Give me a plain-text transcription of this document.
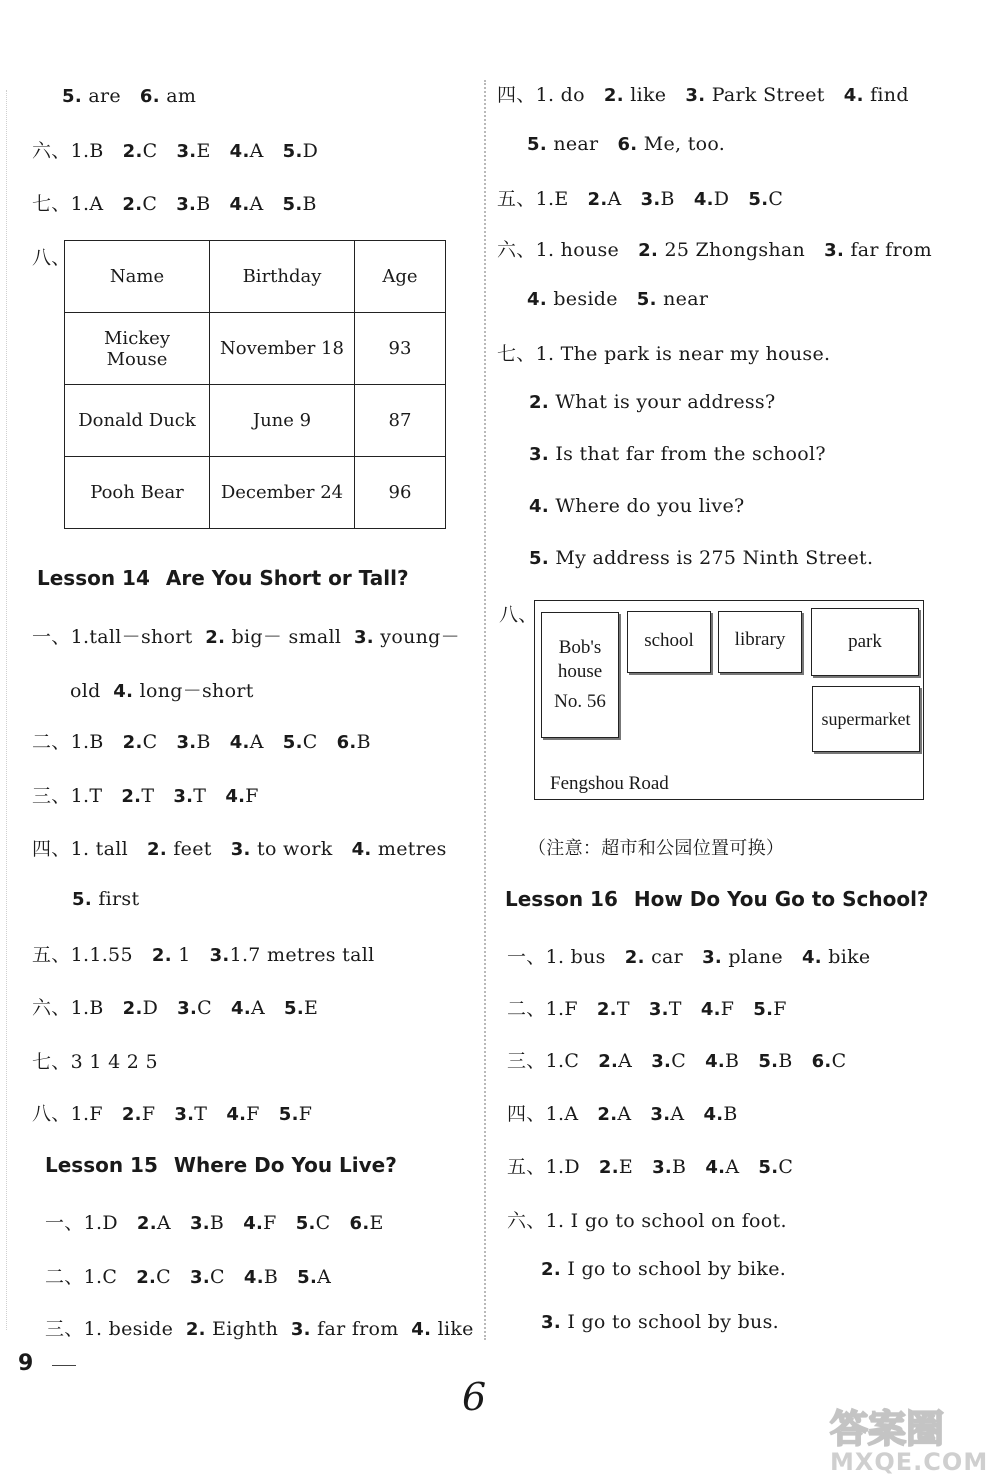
5. are 6. am
六、1.B 2.C 3.E 4.A 5.D
七、1.A 2.C 3.B 4.A 5.B
八、
Name	Birthday	Age
Mickey Mouse	November 18	93
Donald Duck	June 9	87
Pooh Bear	December 24	96
Lesson 14 Are You Short or Tall?
一、1.tall－short 2. big－ small 3. young－
old 4. long－short
二、1.B 2.C 3.B 4.A 5.C 6.B
三、1.T 2.T 3.T 4.F
四、1. tall 2. feet 3. to work 4. metres
5. first
五、1.1.55 2. 1 3.1.7 metres tall
六、1.B 2.D 3.C 4.A 5.E
七、3 1 4 2 5
八、1.F 2.F 3.T 4.F 5.F
Lesson 15 Where Do You Live?
一、1.D 2.A 3.B 4.F 5.C 6.E
二、1.C 2.C 3.C 4.B 5.A
三、1. beside 2. Eighth 3. far from 4. like
四、1. do 2. like 3. Park Street 4. find
5. near 6. Me, too.
五、1.E 2.A 3.B 4.D 5.C
六、1. house 2. 25 Zhongshan 3. far from
4. beside 5. near
七、1. The park is near my house.
2. What is your address?
3. Is that far from the school?
4. Where do you live?
5. My address is 275 Ninth Street.
八、
Bob's
house
No. 56
school	library	park
supermarket
Fengshou Road
（注意：超市和公园位置可换）
Lesson 16 How Do You Go to School?
一、1. bus 2. car 3. plane 4. bike
二、1.F 2.T 3.T 4.F 5.F
三、1.C 2.A 3.C 4.B 5.B 6.C
四、1.A 2.A 3.A 4.B
五、1.D 2.E 3.B 4.A 5.C
六、1. I go to school on foot.
2. I go to school by bike.
3. I go to school by bus.
9
6
答案圈
MXQE.COM
